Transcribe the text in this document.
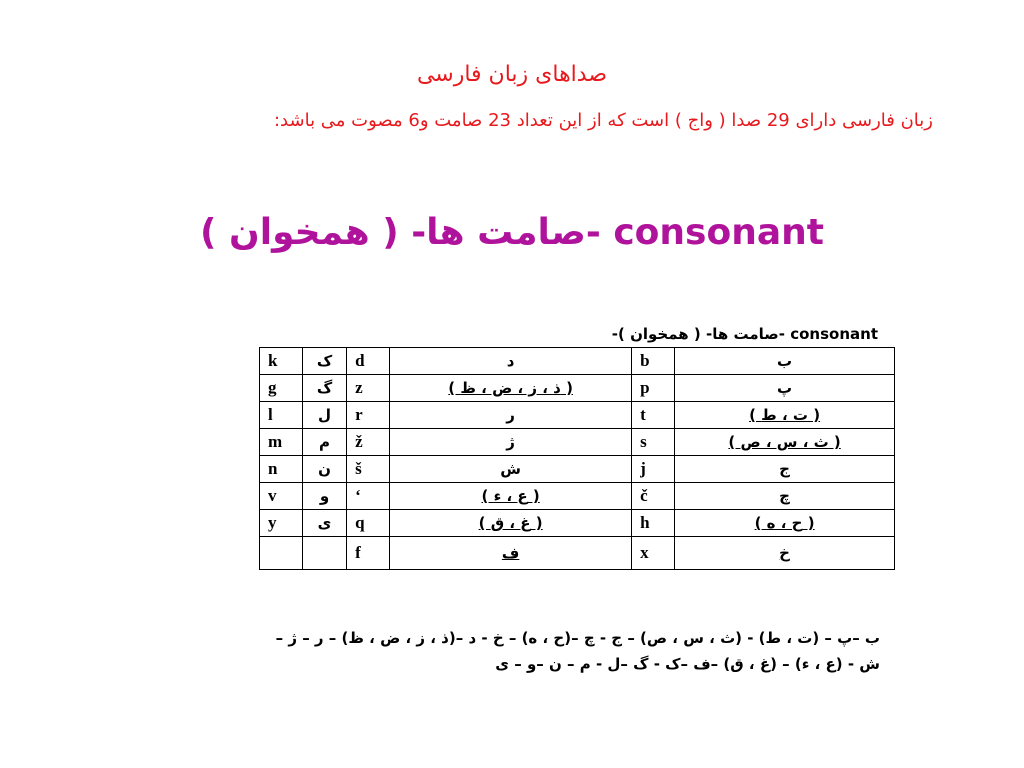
صداهای زبان فارسی
زبان فارسی دارای 29 صدا ( واج ) است که از این تعداد 23 صامت و6 مصوت می باشد:
صامت ها- ( همخوان )- consonant
-صامت ها- ( همخوان )- consonant
k	ک	d	د	b	ب
g	گ	z	( ذ ، ز ، ض ، ظ )	p	پ
l	ل	r	ر	t	( ت ، ط )
m	م	ž	ژ	s	( ث ، س ، ص )
n	ن	š	ش	j	ج
v	و	ʻ	( ع ، ء )	č	چ
y	ی	q	( غ ، ق )	h	( ح ، ه )
		f	ف	x	خ
ب –پ – (ت ، ط) - (ث ، س ، ص) – ج - چ –(ح ، ه) – خ - د –(ذ ، ز ، ض ، ظ) – ر – ژ –
ش - (ع ، ء) – (غ ، ق) –ف –ک - گ –ل - م – ن –و – ی
